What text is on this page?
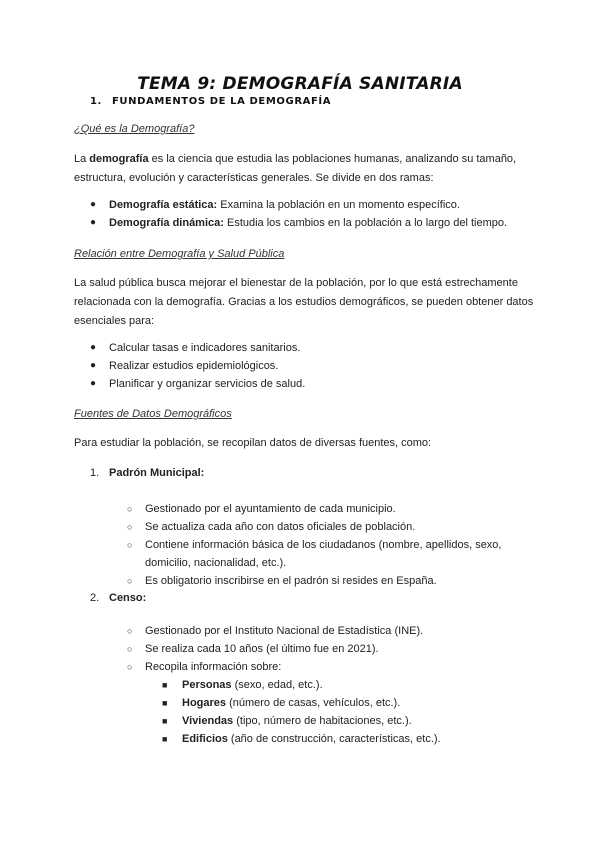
TEMA 9: DEMOGRAFÍA SANITARIA
1. FUNDAMENTOS DE LA DEMOGRAFÍA
¿Qué es la Demografía?
La demografía es la ciencia que estudia las poblaciones humanas, analizando su tamaño, estructura, evolución y características generales. Se divide en dos ramas:
● Demografía estática: Examina la población en un momento específico.
● Demografía dinámica: Estudia los cambios en la población a lo largo del tiempo.
Relación entre Demografía y Salud Pública
La salud pública busca mejorar el bienestar de la población, por lo que está estrechamente relacionada con la demografía. Gracias a los estudios demográficos, se pueden obtener datos esenciales para:
● Calcular tasas e indicadores sanitarios.
● Realizar estudios epidemiológicos.
● Planificar y organizar servicios de salud.
Fuentes de Datos Demográficos
Para estudiar la población, se recopilan datos de diversas fuentes, como:
1. Padrón Municipal:
○ Gestionado por el ayuntamiento de cada municipio.
○ Se actualiza cada año con datos oficiales de población.
○ Contiene información básica de los ciudadanos (nombre, apellidos, sexo, domicilio, nacionalidad, etc.).
○ Es obligatorio inscribirse en el padrón si resides en España.
2. Censo:
○ Gestionado por el Instituto Nacional de Estadística (INE).
○ Se realiza cada 10 años (el último fue en 2021).
○ Recopila información sobre:
■ Personas (sexo, edad, etc.).
■ Hogares (número de casas, vehículos, etc.).
■ Viviendas (tipo, número de habitaciones, etc.).
■ Edificios (año de construcción, características, etc.).
